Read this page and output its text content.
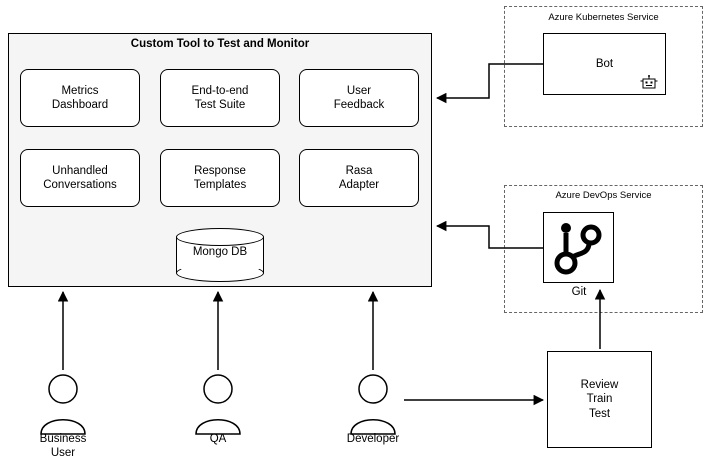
Azure Kubernetes Service
Bot
Azure DevOps Service
Git
Review
Train
Test
Custom Tool to Test and Monitor
Metrics
Dashboard
End-to-end
Test Suite
User
Feedback
Unhandled
Conversations
Response
Templates
Rasa
Adapter
Mongo DB
Business
User
QA	Developer
